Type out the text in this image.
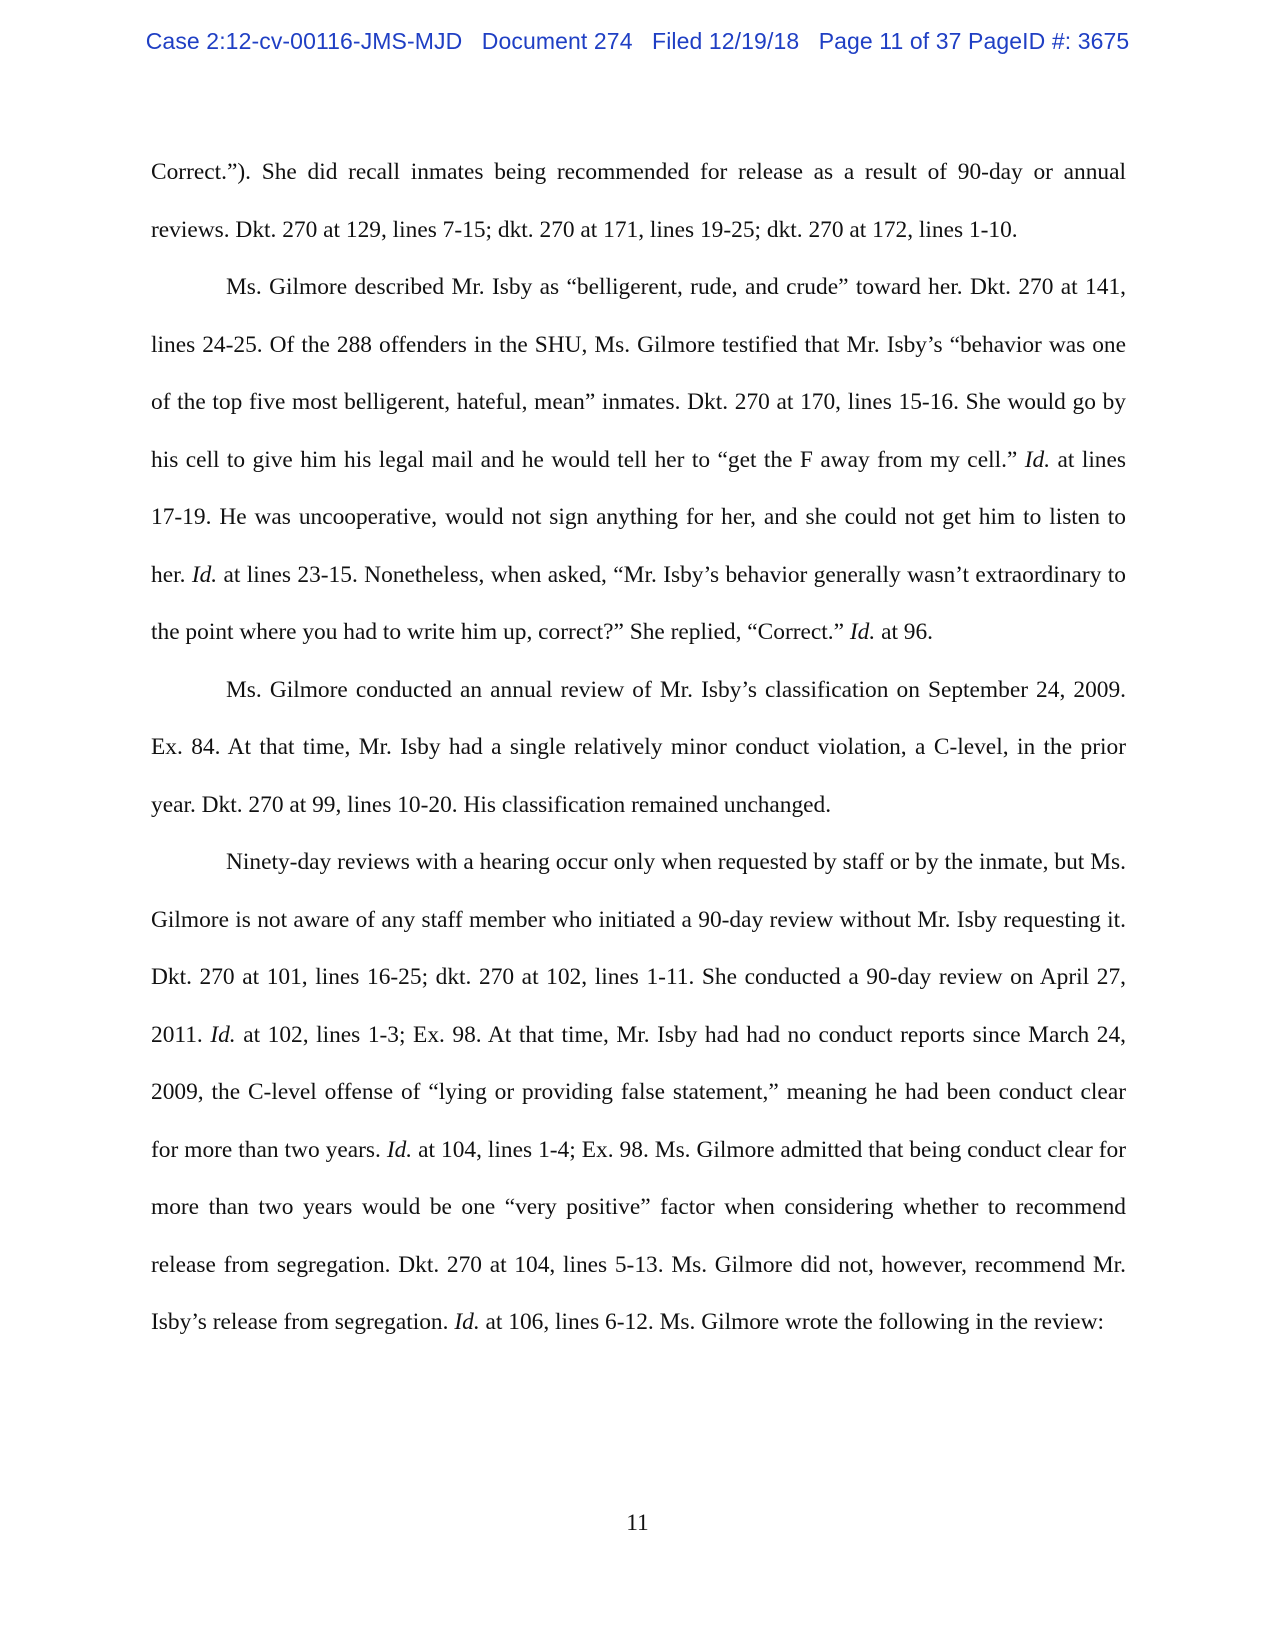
Case 2:12-cv-00116-JMS-MJD   Document 274   Filed 12/19/18   Page 11 of 37 PageID #: 3675

Correct.”). She did recall inmates being recommended for release as a result of 90-day or annual reviews. Dkt. 270 at 129, lines 7-15; dkt. 270 at 171, lines 19-25; dkt. 270 at 172, lines 1-10.

Ms. Gilmore described Mr. Isby as “belligerent, rude, and crude” toward her. Dkt. 270 at 141, lines 24-25. Of the 288 offenders in the SHU, Ms. Gilmore testified that Mr. Isby’s “behavior was one of the top five most belligerent, hateful, mean” inmates. Dkt. 270 at 170, lines 15-16. She would go by his cell to give him his legal mail and he would tell her to “get the F away from my cell.” Id. at lines 17-19. He was uncooperative, would not sign anything for her, and she could not get him to listen to her. Id. at lines 23-15. Nonetheless, when asked, “Mr. Isby’s behavior generally wasn’t extraordinary to the point where you had to write him up, correct?” She replied, “Correct.” Id. at 96.

Ms. Gilmore conducted an annual review of Mr. Isby’s classification on September 24, 2009. Ex. 84. At that time, Mr. Isby had a single relatively minor conduct violation, a C-level, in the prior year. Dkt. 270 at 99, lines 10-20. His classification remained unchanged.

Ninety-day reviews with a hearing occur only when requested by staff or by the inmate, but Ms. Gilmore is not aware of any staff member who initiated a 90-day review without Mr. Isby requesting it. Dkt. 270 at 101, lines 16-25; dkt. 270 at 102, lines 1-11. She conducted a 90-day review on April 27, 2011. Id. at 102, lines 1-3; Ex. 98. At that time, Mr. Isby had had no conduct reports since March 24, 2009, the C-level offense of “lying or providing false statement,” meaning he had been conduct clear for more than two years. Id. at 104, lines 1-4; Ex. 98. Ms. Gilmore admitted that being conduct clear for more than two years would be one “very positive” factor when considering whether to recommend release from segregation. Dkt. 270 at 104, lines 5-13. Ms. Gilmore did not, however, recommend Mr. Isby’s release from segregation. Id. at 106, lines 6-12. Ms. Gilmore wrote the following in the review:

11
